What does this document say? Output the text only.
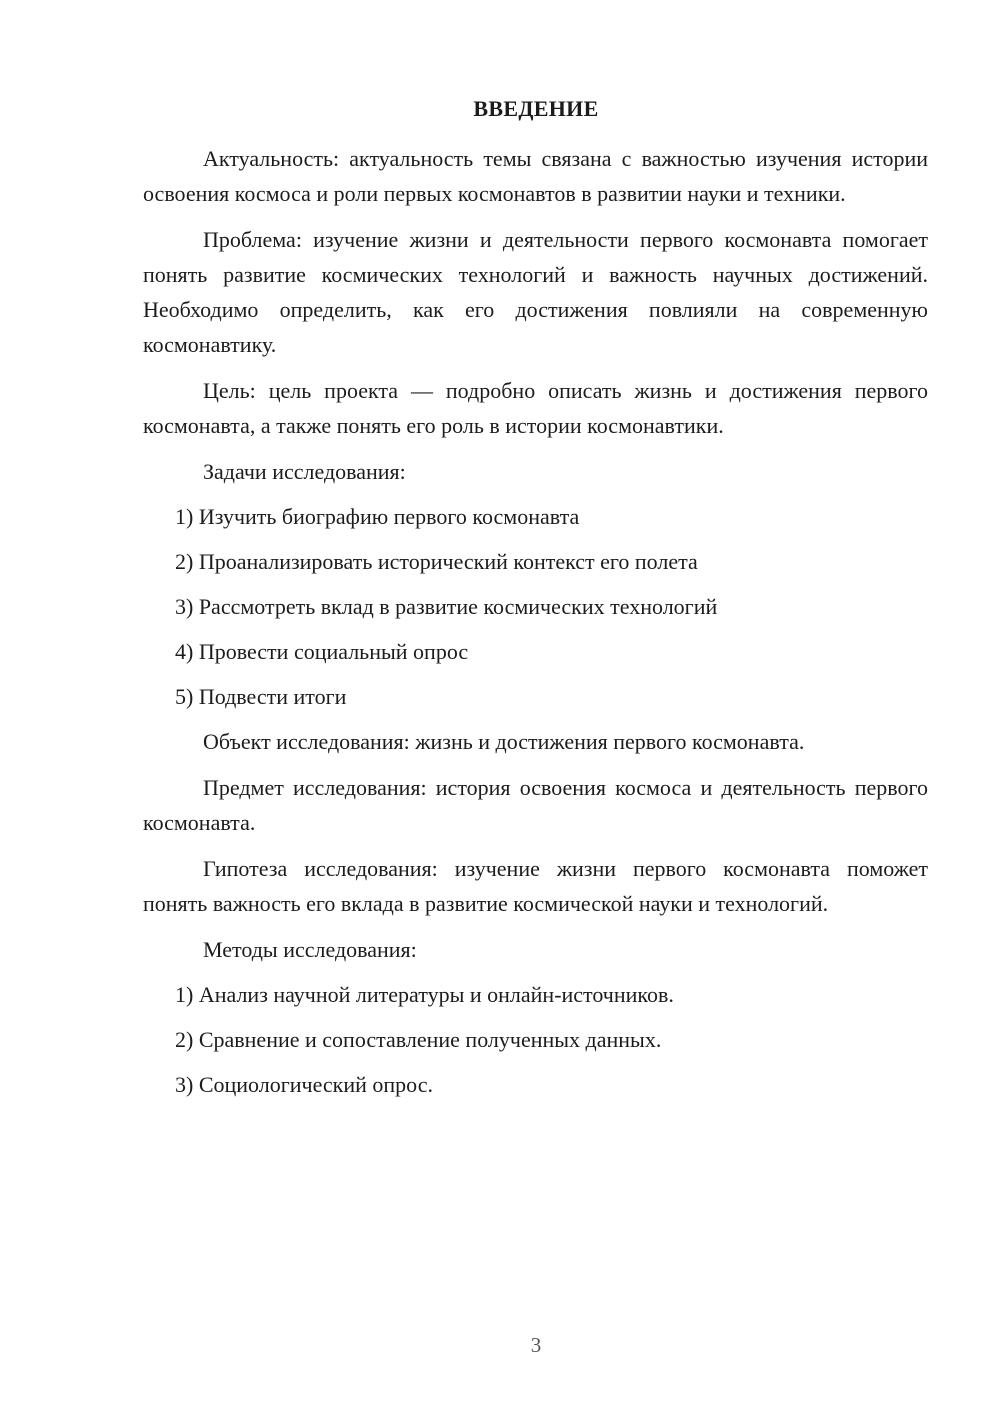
ВВЕДЕНИЕ

Актуальность: актуальность темы связана с важностью изучения истории освоения космоса и роли первых космонавтов в развитии науки и техники.

Проблема: изучение жизни и деятельности первого космонавта помогает понять развитие космических технологий и важность научных достижений. Необходимо определить, как его достижения повлияли на современную космонавтику.

Цель: цель проекта — подробно описать жизнь и достижения первого космонавта, а также понять его роль в истории космонавтики.

Задачи исследования:

1) Изучить биографию первого космонавта

2) Проанализировать исторический контекст его полета

3) Рассмотреть вклад в развитие космических технологий

4) Провести социальный опрос

5) Подвести итоги

Объект исследования: жизнь и достижения первого космонавта.

Предмет исследования: история освоения космоса и деятельность первого космонавта.

Гипотеза исследования: изучение жизни первого космонавта поможет понять важность его вклада в развитие космической науки и технологий.

Методы исследования:

1) Анализ научной литературы и онлайн-источников.

2) Сравнение и сопоставление полученных данных.

3) Социологический опрос.

3
